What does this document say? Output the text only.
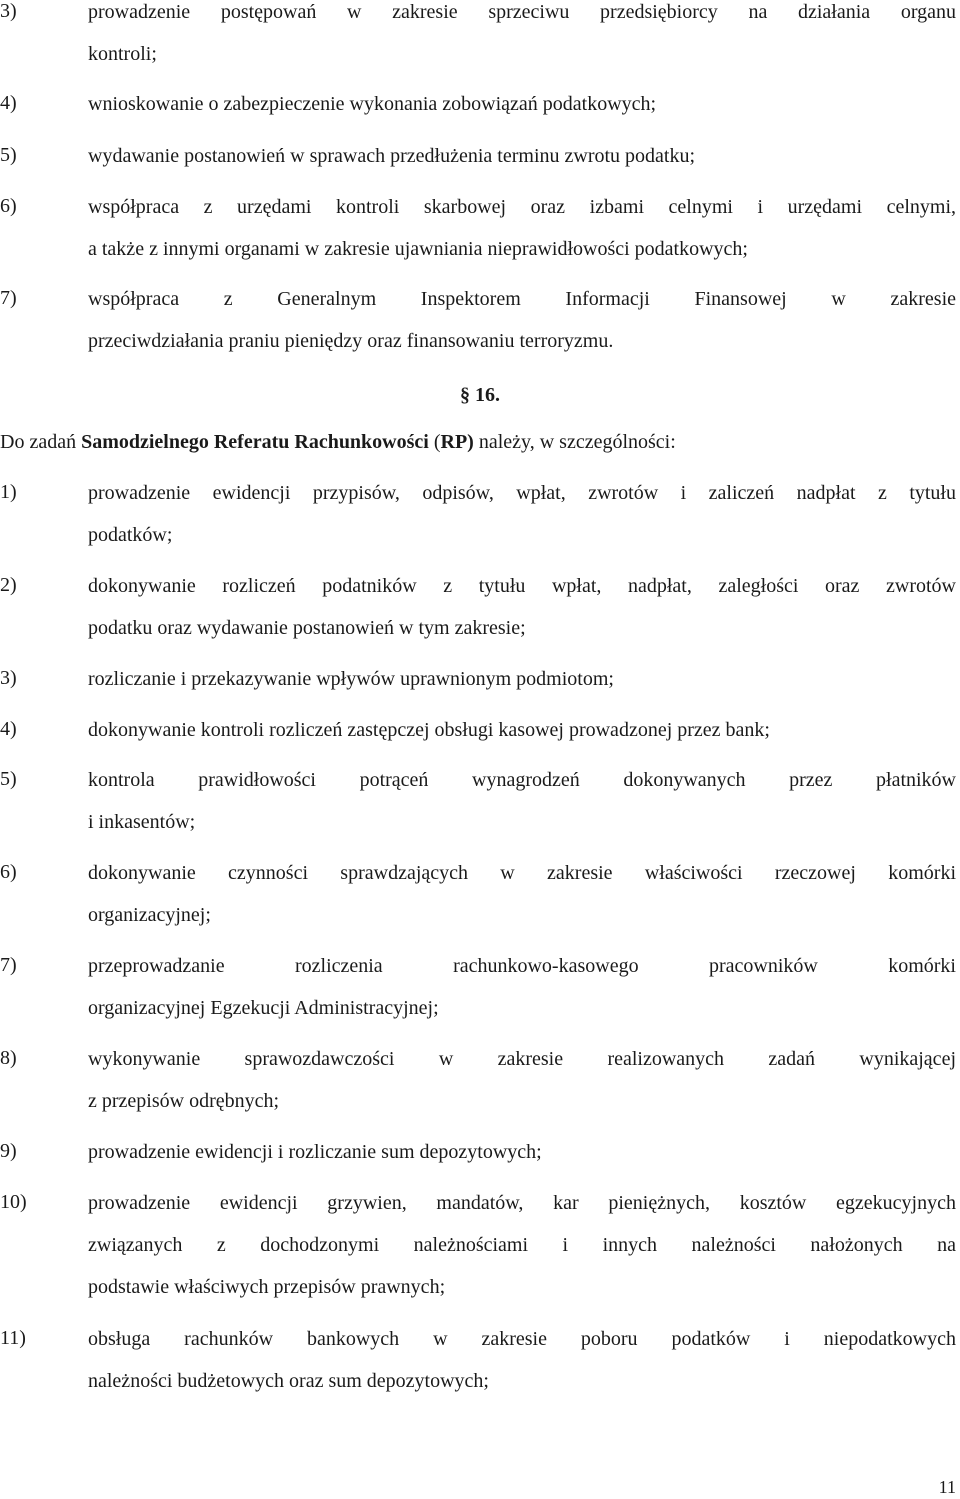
3)	prowadzenie postępowań w zakresie sprzeciwu przedsiębiorcy na działania organu
kontroli;
4)	wnioskowanie o zabezpieczenie wykonania zobowiązań podatkowych;
5)	wydawanie postanowień w sprawach przedłużenia terminu zwrotu podatku;
6)	współpraca z urzędami kontroli skarbowej oraz izbami celnymi i urzędami celnymi,
a także z innymi organami w zakresie ujawniania nieprawidłowości podatkowych;
7)	współpraca z Generalnym Inspektorem Informacji Finansowej w zakresie
przeciwdziałania praniu pieniędzy oraz finansowaniu terroryzmu.
§ 16.
Do zadań Samodzielnego Referatu Rachunkowości (RP) należy, w szczególności:
1)	prowadzenie ewidencji przypisów, odpisów, wpłat, zwrotów i zaliczeń nadpłat z tytułu
podatków;
2)	dokonywanie rozliczeń podatników z tytułu wpłat, nadpłat, zaległości oraz zwrotów
podatku oraz wydawanie postanowień w tym zakresie;
3)	rozliczanie i przekazywanie wpływów uprawnionym podmiotom;
4)	dokonywanie kontroli rozliczeń zastępczej obsługi kasowej prowadzonej przez bank;
5)	kontrola prawidłowości potrąceń wynagrodzeń dokonywanych przez płatników
i inkasentów;
6)	dokonywanie czynności sprawdzających w zakresie właściwości rzeczowej komórki
organizacyjnej;
7)	przeprowadzanie rozliczenia rachunkowo-kasowego pracowników komórki
organizacyjnej Egzekucji Administracyjnej;
8)	wykonywanie sprawozdawczości w zakresie realizowanych zadań wynikającej
z przepisów odrębnych;
9)	prowadzenie ewidencji i rozliczanie sum depozytowych;
10)	prowadzenie ewidencji grzywien, mandatów, kar pieniężnych, kosztów egzekucyjnych
związanych z dochodzonymi należnościami i innych należności nałożonych na
podstawie właściwych przepisów prawnych;
11)	obsługa rachunków bankowych w zakresie poboru podatków i niepodatkowych
należności budżetowych oraz sum depozytowych;
11
